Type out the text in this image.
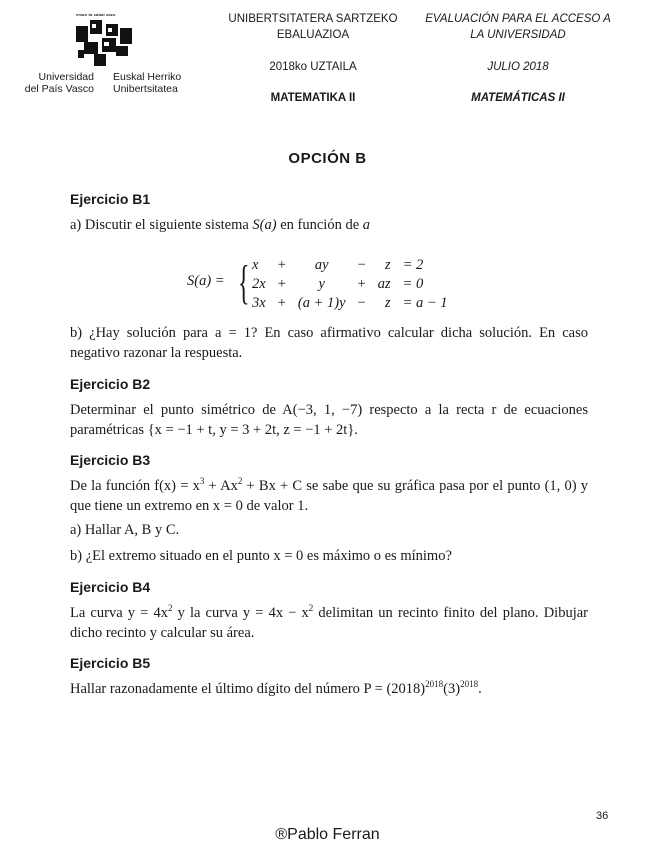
eman ta zabal zazu
Universidad
del País Vasco
Euskal Herriko
Unibertsitatea
UNIBERTSITATERA SARTZEKO
EBALUAZIOA
2018ko UZTAILA
MATEMATIKA II
EVALUACIÓN PARA EL ACCESO A
LA UNIVERSIDAD
JULIO 2018
MATEMÁTICAS II
OPCIÓN B
Ejercicio B1
a) Discutir el siguiente sistema S(a) en función de a
S(a) = { x	+	ay	−	z	= 2
2x	+	y	+	az	= 0
3x	+	(a + 1)y	−	z	= a − 1
b) ¿Hay solución para a = 1? En caso afirmativo calcular dicha solución. En caso negativo razonar la respuesta.
Ejercicio B2
Determinar el punto simétrico de A(−3, 1, −7) respecto a la recta r de ecuaciones paramétricas {x = −1 + t, y = 3 + 2t, z = −1 + 2t}.
Ejercicio B3
De la función $f(x) = x^3 + Ax^2 + Bx + C$ se sabe que su gráfica pasa por el punto (1, 0) y que tiene un extremo en x = 0 de valor 1.
a) Hallar A, B y C.
b) ¿El extremo situado en el punto x = 0 es máximo o es mínimo?
Ejercicio B4
La curva $y = 4x^2$ y la curva $y = 4x - x^2$ delimitan un recinto finito del plano. Dibujar dicho recinto y calcular su área.
Ejercicio B5
Hallar razonadamente el último dígito del número $P = (2018)^{2018}(3)^{2018}$.
36
®Pablo Ferran
